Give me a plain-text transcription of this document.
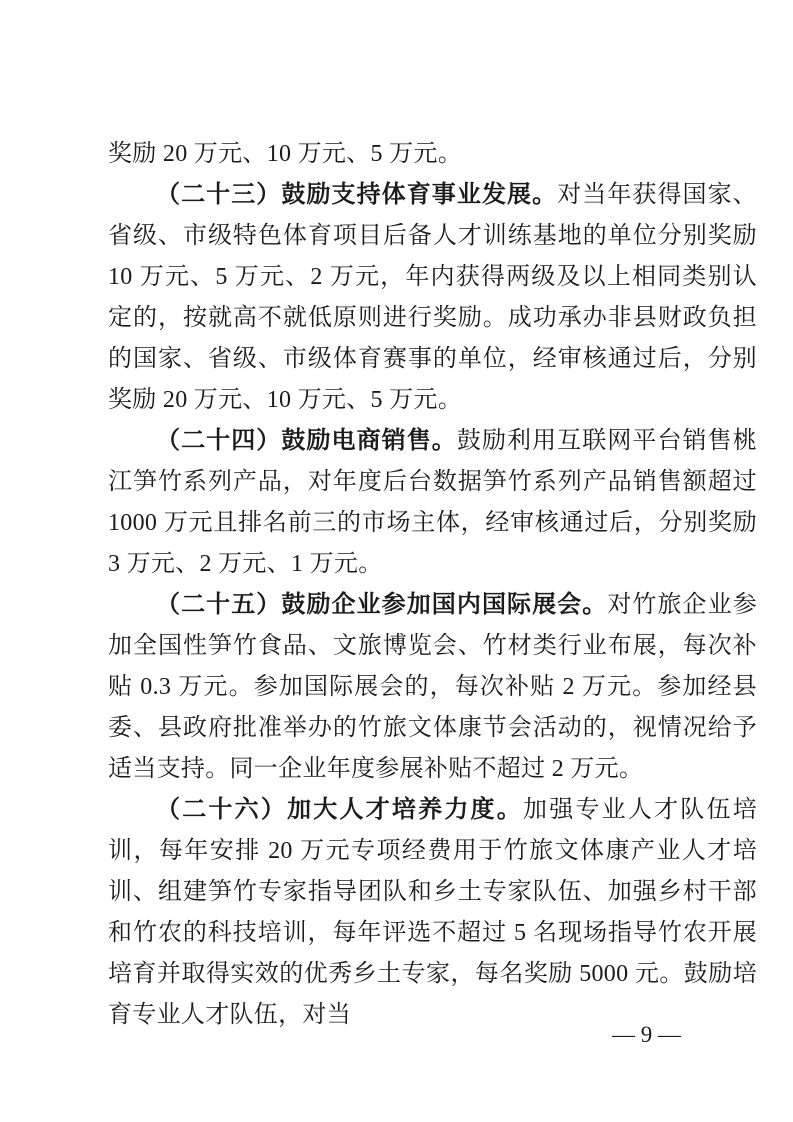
奖励 20 万元、10 万元、5 万元。

（二十三）鼓励支持体育事业发展。对当年获得国家、省级、市级特色体育项目后备人才训练基地的单位分别奖励 10 万元、5 万元、2 万元，年内获得两级及以上相同类别认定的，按就高不就低原则进行奖励。成功承办非县财政负担的国家、省级、市级体育赛事的单位，经审核通过后，分别奖励 20 万元、10 万元、5 万元。

（二十四）鼓励电商销售。鼓励利用互联网平台销售桃江笋竹系列产品，对年度后台数据笋竹系列产品销售额超过 1000 万元且排名前三的市场主体，经审核通过后，分别奖励 3 万元、2 万元、1 万元。

（二十五）鼓励企业参加国内国际展会。对竹旅企业参加全国性笋竹食品、文旅博览会、竹材类行业布展，每次补贴 0.3 万元。参加国际展会的，每次补贴 2 万元。参加经县委、县政府批准举办的竹旅文体康节会活动的，视情况给予适当支持。同一企业年度参展补贴不超过 2 万元。

（二十六）加大人才培养力度。加强专业人才队伍培训，每年安排 20 万元专项经费用于竹旅文体康产业人才培训、组建笋竹专家指导团队和乡土专家队伍、加强乡村干部和竹农的科技培训，每年评选不超过 5 名现场指导竹农开展培育并取得实效的优秀乡土专家，每名奖励 5000 元。鼓励培育专业人才队伍，对当

— 9 —
